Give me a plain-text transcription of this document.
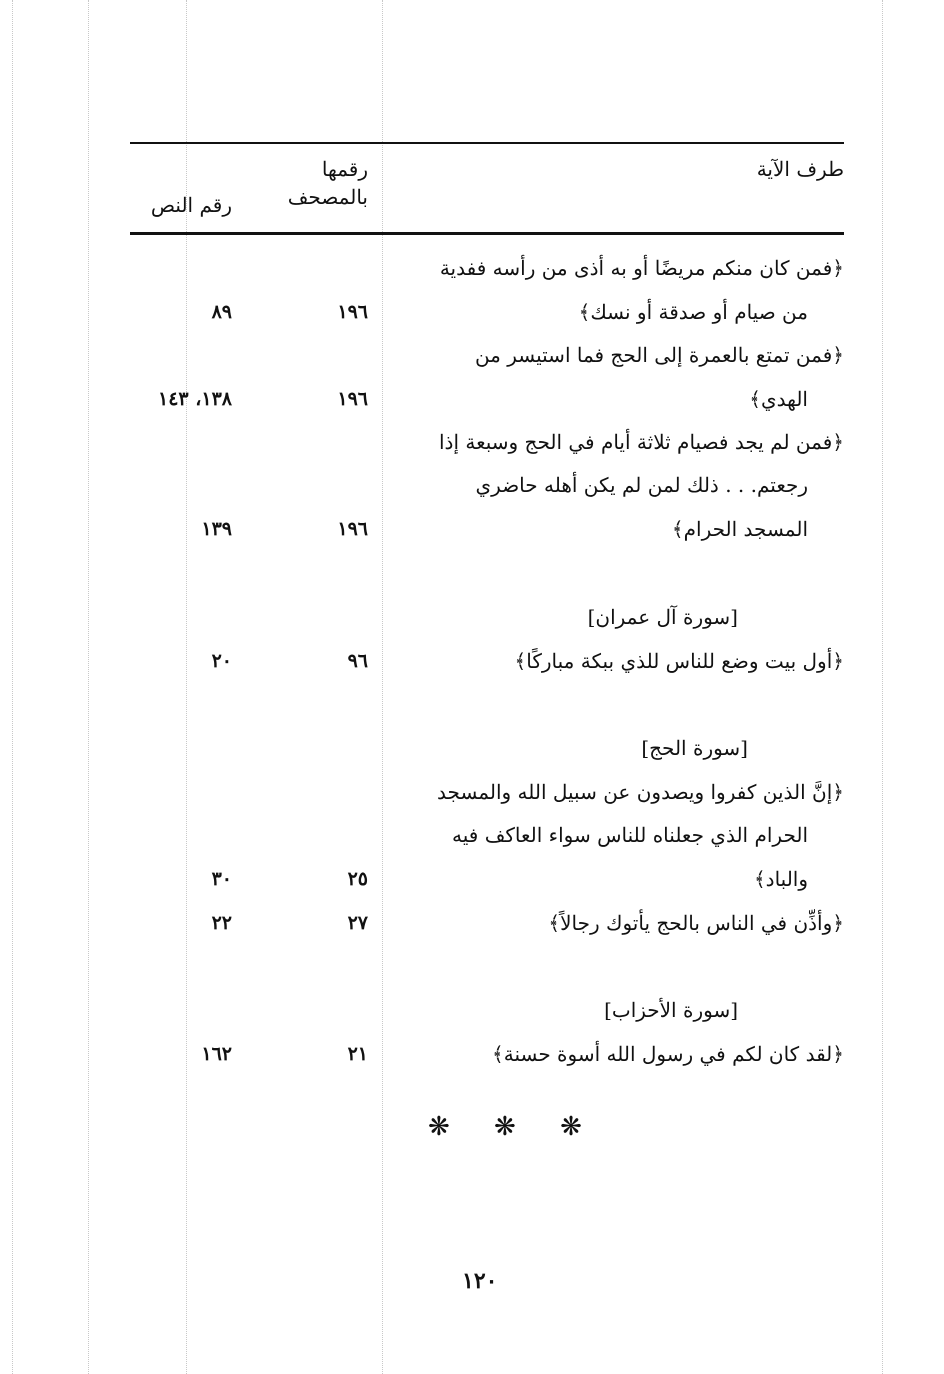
طرف الآية
رقمها
بالمصحف
رقم النص
﴿فمن كان منكم مريضًا أو به أذى من رأسه ففدية
من صيام أو صدقة أو نسك﴾
١٩٦
٨٩
﴿فمن تمتع بالعمرة إلى الحج فما استيسر من
الهدي﴾
١٩٦
١٣٨، ١٤٣
﴿فمن لم يجد فصيام ثلاثة أيام في الحج وسبعة إذا
رجعتم. . . ذلك لمن لم يكن أهله حاضري
المسجد الحرام﴾
١٩٦
١٣٩
[سورة آل عمران]
﴿أول بيت وضع للناس للذي ببكة مباركًا﴾
٩٦
٢٠
[سورة الحج]
﴿إنَّ الذين كفروا ويصدون عن سبيل الله والمسجد
الحرام الذي جعلناه للناس سواء العاكف فيه
والباد﴾
٢٥
٣٠
﴿وأذِّن في الناس بالحج يأتوك رجالاً﴾
٢٧
٢٢
[سورة الأحزاب]
﴿لقد كان لكم في رسول الله أسوة حسنة﴾
٢١
١٦٢
❋ ❋ ❋
١٢٠
